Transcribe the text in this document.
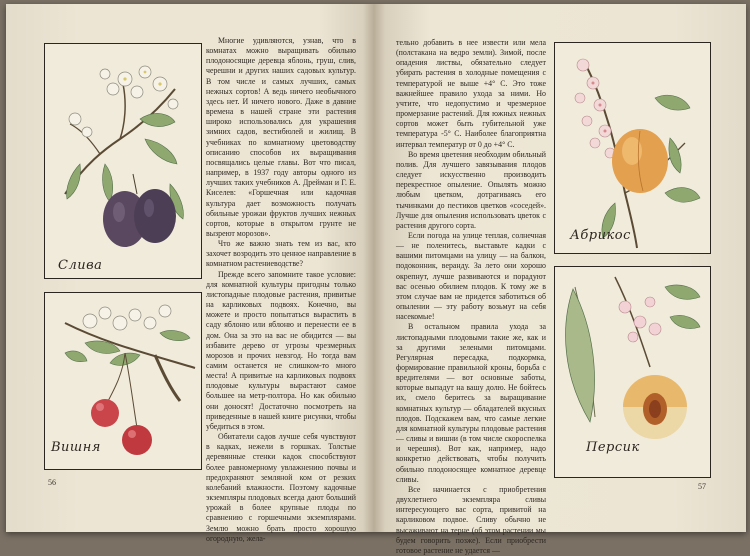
Слива
Вишня

Многие удивляются, узнав, что в комнатах можно выращивать обильно плодоносящие деревца яблонь, груш, слив, черешни и других наших садовых культур. В том числе и самых лучших, самых нежных сортов! А ведь ничего необычного здесь нет. И ничего нового. Даже в давние времена в нашей стране эти растения широко использовались для украшения зимних садов, вестибюлей и жилищ. В учебниках по комнатному цветоводству описанию способов их выращивания посвящались целые главы. Вот что писал, например, в 1937 году авторы одного из лучших таких учебников А. Дрейман и Г. Е. Киселев: «Горшечная или кадочная культура дает возможность получать обильные урожаи фруктов лучших нежных сортов, которые в открытом грунте не вызреют морозов».

Что же важно знать тем из вас, кто захочет возродить это ценное направление в комнатном растениеводстве?

Прежде всего запомните такое условие: для комнатной культуры пригодны только листопадные плодовые растения, привитые на карликовых подвоях. Конечно, вы можете и просто попытаться вырастить в саду яблоню или яблоню и перенести ее в дом. Она за это на вас не обидится — вы избавите дерево от угрозы чрезмерных морозов и прочих невзгод. Но тогда вам самим останется не слишком-то много места! А привитые на карликовых подвоях плодовые культуры вырастают самое большее на метр-полтора. Но как обильно они доносят! Достаточно посмотреть на приведенные в нашей книге рисунки, чтобы убедиться в этом.

Обитатели садов лучше себя чувствуют в кадках, нежели в горшках. Толстые деревянные стенки кадок способствуют более равномерному увлажнению почвы и предохраняют земляной ком от резких колебаний влажности. Поэтому кадочные экземпляры плодовых всегда дают больший урожай в более крупные плоды по сравнению с горшечными экземплярами. Землю можно брать просто хорошую огородную, жела-

56

тельно добавить в нее извести или мела (полстакана на ведро земли). Зимой, после опадения листвы, обязательно следует убирать растения в холодные помещения с температурой не выше +4° С. Это тоже важнейшее правило ухода за ними. Но учтите, что недопустимо и чрезмерное промерзание растений. Для южных нежных сортов может быть губительной уже температура -5° С. Наиболее благоприятна интервал температур от 0 до +4° С.

Во время цветения необходим обильный полив. Для лучшего завязывания плодов следует искусственно производить перекрестное опыление. Опылять можно любым цветком, дотрагиваясь его тычинками до пестиков цветков «соседей». Лучше для опыления использовать цветок с растения другого сорта.

Если погода на улице теплая, солнечная — не поленитесь, выставьте кадки с вашими питомцами на улицу — на балкон, подоконник, веранду. За лето они хорошо окрепнут, лучше развиваются и порадуют вас осенью обилием плодов. К тому же в этом случае вам не придется заботиться об опылении — эту работу возьмут на себя насекомые!

В остальном правила ухода за листопадными плодовыми такие же, как и за другими зелеными питомцами. Регулярная пересадка, подкормка, формирование правильной кроны, борьба с вредителями — вот основные заботы, которые выпадут на вашу долю. Не бойтесь их, смело беритесь за выращивание комнатных культур — обладателей вкусных плодов. Подскажем вам, что самые легкие для комнатной культуры плодовые растения — сливы и вишни (в том числе скороспелка и черешня). Вот как, например, надо конкретно действовать, чтобы получить обильно плодоносящее комнатное деревце сливы.

Все начинается с приобретения двухлетнего экземпляра сливы интересующего вас сорта, привитой на карликовом подвое. Сливу обычно не высаживают на терне (об этом растении мы будем говорить позже). Если приобрести готовое растение не удается —

Абрикос
Персик
57
